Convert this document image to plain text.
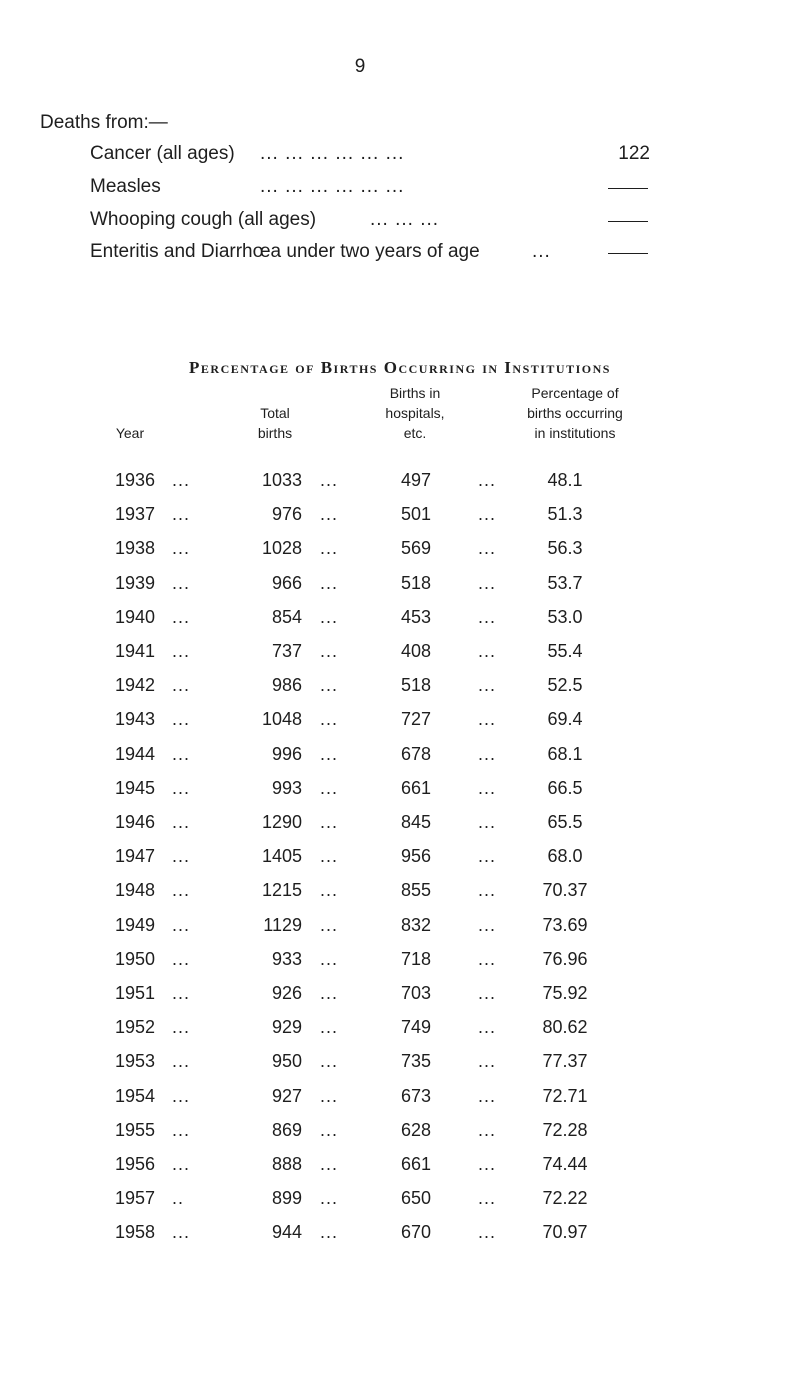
9
Deaths from:—
Cancer (all ages) ... ... ... ... ... ...	122
Measles	... ... ... ... ... ...
Whooping cough (all ages)	... ... ...
Enteritis and Diarrhœa under two years of age	...
Percentage of Births Occurring in Institutions
Year
Total
births
Births in
hospitals,
etc.
Percentage of
births occurring
in institutions
1936 ...	1033 ...	497	...	48.1
1937 ...	976 ...	501	...	51.3
1938 ...	1028 ...	569	...	56.3
1939 ...	966 ...	518	...	53.7
1940 ...	854 ...	453	...	53.0
1941 ...	737 ...	408	...	55.4
1942 ...	986 ...	518	...	52.5
1943 ...	1048 ...	727	...	69.4
1944 ...	996 ...	678	...	68.1
1945 ...	993 ...	661	...	66.5
1946 ...	1290 ...	845	...	65.5
1947 ...	1405 ...	956	...	68.0
1948 ...	1215 ...	855	...	70.37
1949 ...	1129 ...	832	...	73.69
1950 ...	933 ...	718	...	76.96
1951 ...	926 ...	703	...	75.92
1952 ...	929 ...	749	...	80.62
1953 ...	950 ...	735	...	77.37
1954 ...	927 ...	673	...	72.71
1955 ...	869 ...	628	...	72.28
1956 ...	888 ...	661	...	74.44
1957 ..	899 ...	650	...	72.22
1958 ...	944 ...	670	...	70.97
